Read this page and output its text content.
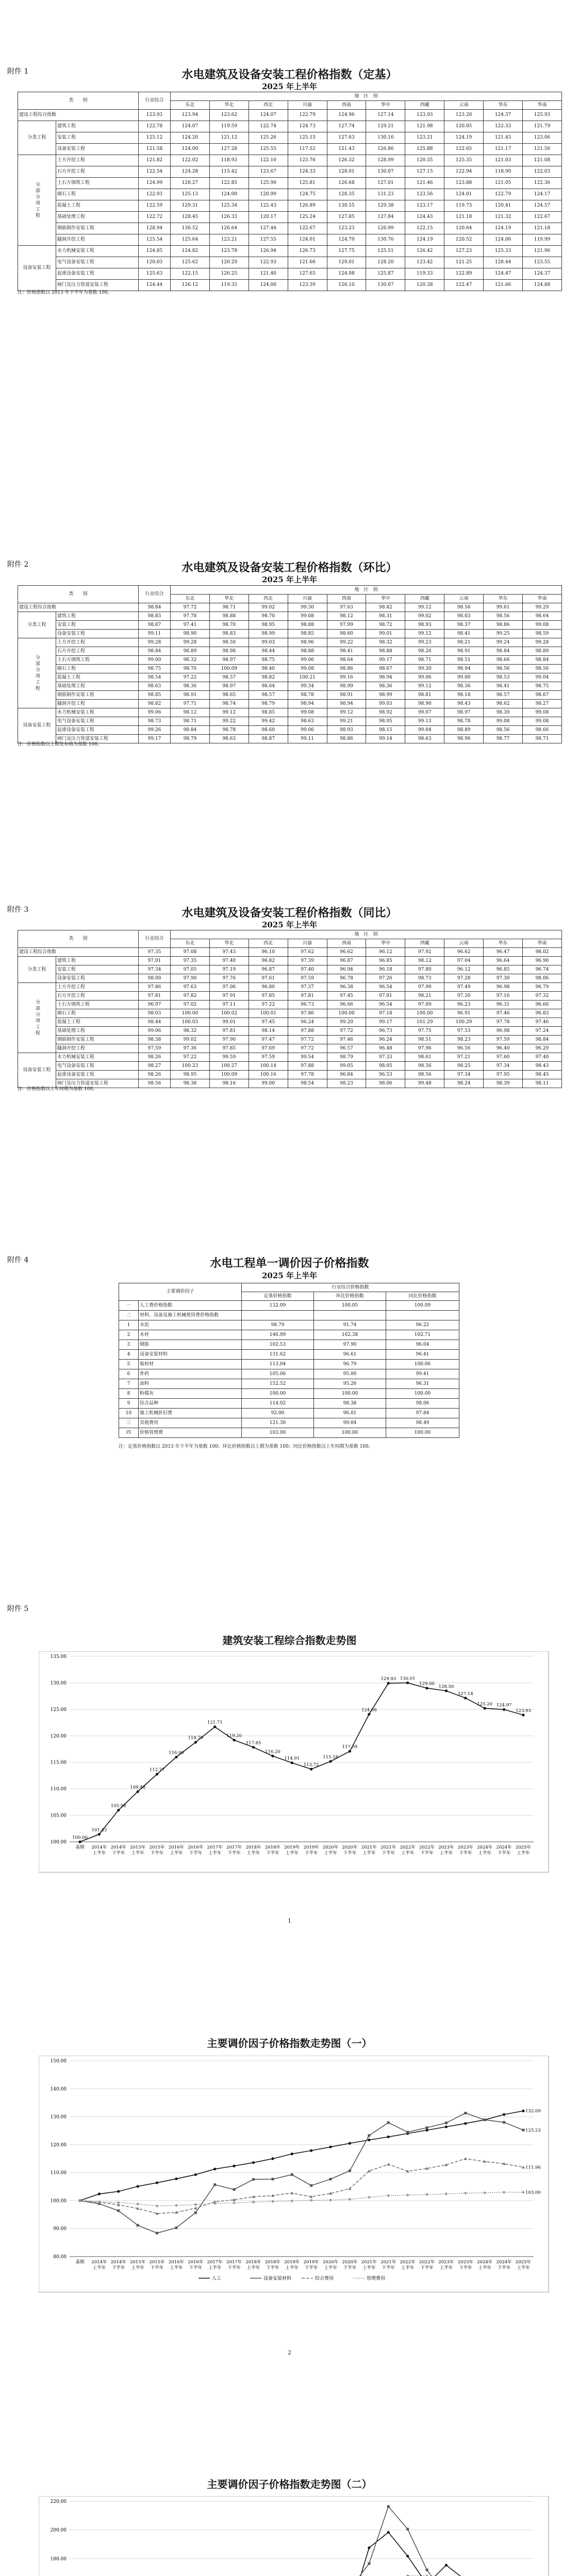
附件 1	水电建筑及设备安装工程价格指数（定基）
2025 年上半年
类　　别		行业综合	地　区　别									
			东北	华北	西北	川渝	西南	华中	西藏	云南	华东	华南
建设工程综合指数		123.93	123.94	123.62	124.07	122.79	124.96	127.14	123.93	123.20	124.37	125.93
分类工程	建筑工程	122.78	124.07	119.59	122.74	124.73	127.74	129.21	121.98	120.05	122.33	121.79
	安装工程	125.12	124.20	121.12	125.26	125.15	127.63	130.16	123.21	124.19	121.43	123.06
	设备安装工程	121.58	124.00	127.28	125.55	117.52	121.43	126.86	125.88	122.65	121.17	121.56
分部分项工程	土方开挖工程	121.82	122.02	118.93	122.10	123.76	126.32	128.99	120.35	125.35	121.03	121.08
	石方开挖工程	122.54	124.28	115.42	123.67	124.33	128.01	130.07	127.15	122.94	118.90	122.03
	土石方填筑工程	124.99	128.27	122.85	125.90	125.81	126.68	127.01	121.46	123.88	121.05	122.36
	砌石工程	122.93	125.13	124.00	120.99	124.75	128.35	131.23	123.56	124.01	122.79	124.17
	混凝土工程	122.59	129.31	125.34	122.43	126.89	130.55	129.38	123.17	119.73	120.41	124.57
	基础处理工程	122.72	128.45	126.33	120.17	125.24	127.85	127.84	124.43	121.18	121.32	122.67
	钢筋制作安装工程	128.94	130.52	126.64	127.44	122.67	123.23	126.99	122.15	120.64	124.19	121.18
	隧洞开挖工程	125.54	125.64	123.21	127.55	124.01	124.70	130.76	124.19	120.52	124.06	119.99
设备安装工程	水力机械安装工程	124.85	124.82	123.78	126.94	126.73	127.75	125.51	126.42	127.23	125.33	121.96
	电气设备安装工程	120.03	125.62	120.29	122.93	121.66	129.01	128.20	123.42	121.25	128.44	123.55
	起重设备安装工程	125.63	122.15	126.25	121.40	127.65	124.08	125.87	119.33	122.89	124.47	124.37
	闸门及压力管道安装工程	124.44	126.12	119.35	124.00	123.39	126.10	130.07	120.38	122.47	121.66	124.88
注：价格指数以 2013 年下半年为基数 100。
附件 2	水电建筑及设备安装工程价格指数（环比）
2025 年上半年
类　　别		行业综合	地　区　别									
			东北	华北	西北	川渝	西南	华中	西藏	云南	华东	华南
建设工程综合指数		98.84	97.72	98.71	99.02	99.30	97.63	98.42	99.12	98.56	99.61	99.29
分类工程	建筑工程	98.83	97.78	98.88	98.70	99.08	98.12	98.31	99.02	98.03	98.56	98.64
	安装工程	98.87	97.41	98.70	98.95	98.88	97.99	98.72	98.93	98.37	98.86	99.08
	设备安装工程	99.11	98.90	98.83	98.99	98.85	98.60	99.01	99.12	98.41	99.25	98.59
分部分项工程	土方开挖工程	99.28	99.28	98.50	99.03	98.96	99.22	98.32	99.23	98.21	99.24	99.28
	石方开挖工程	98.84	98.89	98.98	98.44	98.88	98.41	98.88	98.26	98.91	98.84	98.89
	土石方填筑工程	99.00	98.32	98.97	98.75	99.06	98.64	99.17	98.71	98.51	98.66	98.84
	砌石工程	98.75	98.76	100.09	98.40	99.08	98.86	98.67	99.30	98.94	98.56	98.56
	混凝土工程	98.54	97.22	98.57	98.82	100.21	99.16	98.94	99.06	99.00	98.53	99.04
	基础处理工程	98.63	98.36	98.97	98.64	99.34	98.99	98.36	99.12	98.36	98.41	98.75
	钢筋制作安装工程	98.85	98.91	98.65	98.57	98.78	98.91	98.99	98.81	98.18	98.57	98.67
	隧洞开挖工程	98.82	97.71	98.74	98.79	98.94	98.94	99.03	98.90	98.43	98.62	98.27
设备安装工程	水力机械安装工程	99.06	98.12	99.12	98.85	99.08	99.12	98.92	99.07	98.97	98.39	99.08
	电气设备安装工程	98.73	98.71	99.22	99.42	98.63	99.21	98.95	99.13	98.78	99.08	99.08
	起重设备安装工程	99.26	98.84	98.78	98.60	99.06	98.93	98.15	99.04	98.89	98.56	98.66
	闸门及压力管道安装工程	99.17	98.79	98.63	98.87	99.11	98.86	99.14	98.63	98.96	98.77	98.71
注：价格指数以上期发布值为基数 100。
附件 3	水电建筑及设备安装工程价格指数（同比）
2025 年上半年
类　　别		行业综合	地　区　别									
			东北	华北	西北	川渝	西南	华中	西藏	云南	华东	华南
建设工程综合指数		97.35	97.08	97.43	96.10	97.62	96.62	96.12	97.92	96.62	96.47	98.02
分类工程	建筑工程	97.01	97.35	97.40	96.82	97.39	96.87	96.85	98.12	97.04	96.64	96.90
	安装工程	97.34	97.05	97.19	96.87	97.40	96.94	96.18	97.80	96.12	96.85	96.74
	设备安装工程	98.00	97.90	97.76	97.61	97.59	96.78	97.26	98.73	97.28	97.30	98.06
分部分项工程	土方开挖工程	97.86	97.63	97.06	96.80	97.37	96.38	96.54	97.90	97.49	96.98	96.79
	石方开挖工程	97.81	97.82	97.91	97.85	97.81	97.45	97.81	98.21	97.30	97.16	97.32
	土石方填筑工程	96.97	97.02	97.11	97.22	96.73	96.66	96.54	97.09	96.23	96.31	96.66
	砌石工程	98.03	100.00	100.02	100.01	97.86	100.00	97.18	100.00	96.91	97.46	96.83
	混凝土工程	98.44	100.03	99.01	97.45	96.24	99.20	99.17	101.29	100.29	97.78	97.46
	基础处理工程	99.06	98.32	97.81	98.14	97.88	97.72	96.73	97.75	97.53	96.98	97.24
	钢筋制作安装工程	98.38	99.02	97.90	97.47	97.72	97.46	96.24	98.51	98.23	97.59	98.84
	隧洞开挖工程	97.59	97.36	97.85	97.69	97.72	96.57	96.48	97.96	96.56	96.40	96.29
设备安装工程	水力机械安装工程	98.26	97.22	99.59	97.59	99.54	98.79	97.33	98.61	97.21	97.60	97.40
	电气设备安装工程	98.27	100.23	100.27	100.14	97.88	99.05	98.05	98.56	98.25	97.34	98.43
	起重设备安装工程	98.26	98.95	100.09	100.16	97.78	96.84	96.53	98.56	97.34	97.95	98.45
	闸门及压力管道安装工程	98.56	98.38	98.16	99.00	98.54	98.23	98.06	99.48	98.24	98.39	98.11
注：价格指数以上年同期为基数 100。
附件 4	水电工程单一调价因子价格指数
2025 年上半年
主要调价因子		行业综合价格指数		
		定基价格指数	环比价格指数	同比价格指数
一	人工费价格指数	132.09	100.05	100.09
二	材料、设备及施工机械使用费价格指数			
1	水泥	98.79	91.74	96.22
2	木材	146.99	102.38	102.71
3	钢筋	102.53	97.90	96.04
4	设备安装材料	131.62	96.61	96.41
5	板枋材	113.04	96.79	100.06
6	炸药	105.06	95.00	99.41
7	油料	152.52	95.26	96.31
8	粉煤灰	100.00	100.00	100.00
9	综合品种	114.02	98.38	98.06
10	施工机械折旧费	92.00	96.01	97.84
三	其他费用	121.30	99.04	98.49
四	价格管理费	103.00	100.00	100.00
注：定基价格指数以 2013 年下半年为基数 100；环比价格指数以上期为基数 100；同比价格指数以上年同期为基数 100。
附件 5
建筑安装工程综合指数走势图
100.00
105.00
110.00
115.00
120.00
125.00
130.00
135.00
基期 2014年
上半年
2014年
下半年
2015年
上半年
2015年
下半年
2016年
上半年
2016年
下半年
2017年
上半年
2017年
下半年
2018年
上半年
2018年
下半年
2019年
上半年
2019年
下半年
2020年
上半年
2020年
下半年
2021年
上半年
2021年
下半年
2022年
上半年
2022年
下半年
2023年
上半年
2023年
下半年
2024年
上半年
2024年
下半年
2025年
上半年
100.00
101.43
105.98
109.48
112.77
116.00
118.79
121.71
119.20
117.85
116.20
114.91
113.72
115.18
117.09
124.08
129.93 130.01
129.00
128.50
127.14
125.20 124.97
123.93
1
主要调价因子价格指数走势图（一）
80.00
90.00
100.00
110.00
120.00
130.00
140.00
150.00
基期 2014年
上半年
2014年
下半年
2015年
上半年
2015年
下半年
2016年
上半年
2016年
下半年
2017年
上半年
2017年
下半年
2018年
上半年
2018年
下半年
2019年
上半年
2019年
下半年
2020年
上半年
2020年
下半年
2021年
上半年
2021年
下半年
2022年
上半年
2022年
下半年
2023年
上半年
2023年
下半年
2024年
上半年
2024年
下半年
2025年
上半年
132.09
125.23
111.96
103.00
人工	设备安装材料	综合费用	管理费用
2
主要调价因子价格指数走势图（二）
180.00
200.00
220.00
